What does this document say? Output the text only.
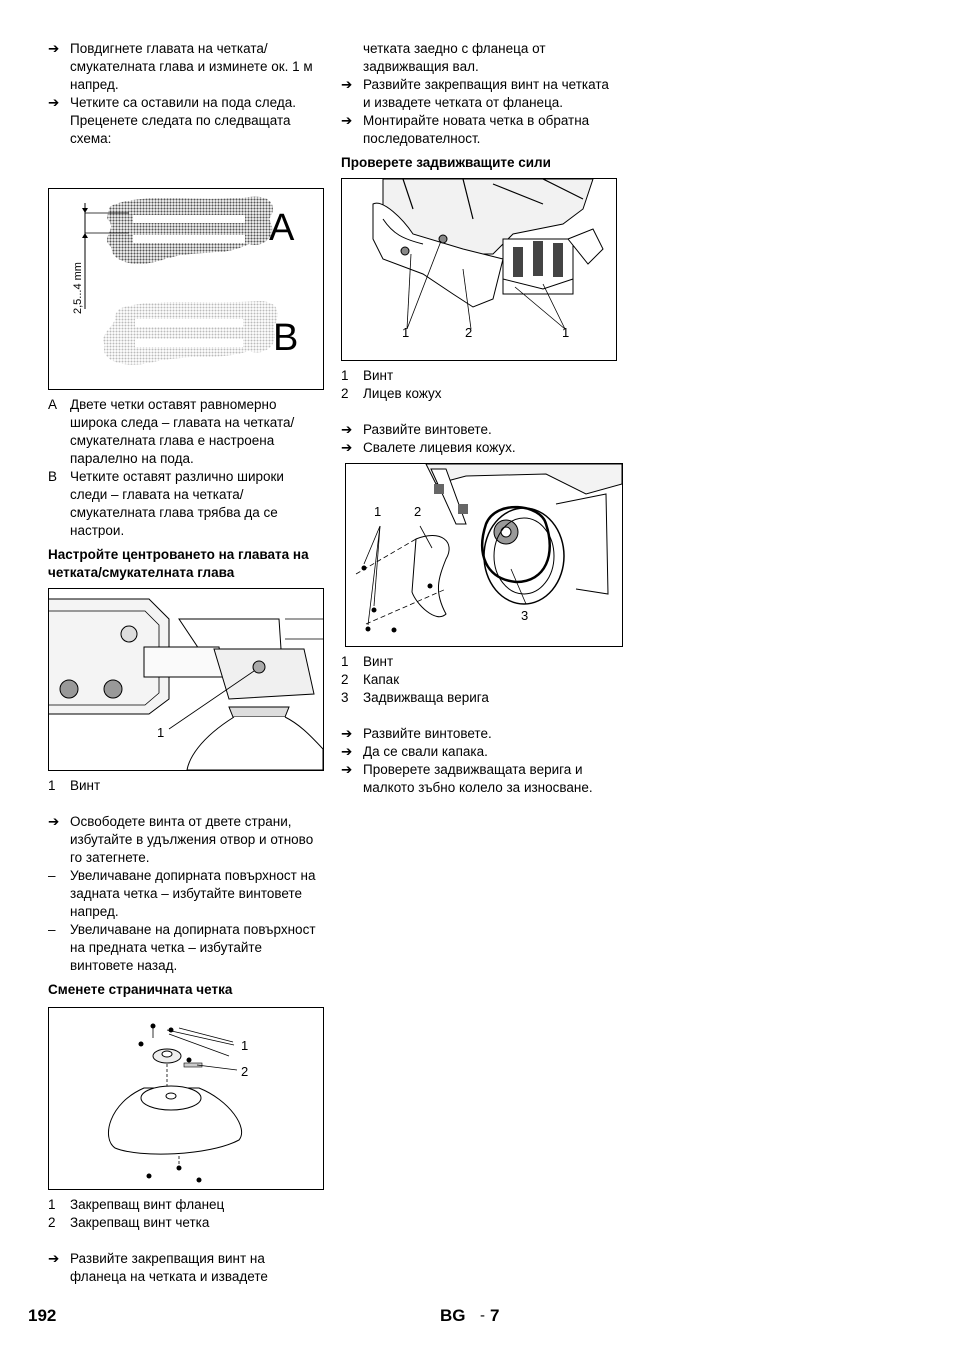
➔ Повдигнете главата на четката/ смукателната глава и изминете ок. 1 м напред.

➔ Четките са оставили на пода следа. Преценете следата по следващата схема:

A
B
2,5...4 mm

A Двете четки оставят равномерно широка следа – главата на четката/ смукателната глава е настроена паралелно на пода.

B Четките оставят различно широки следи – главата на четката/ смукателната глава трябва да се настрои.

Настройте центроването на главата на четката/смукателната глава

1

1	Винт

➔ Освободете винта от двете страни, избутайте в удължения отвор и отново го затегнете.

–	Увеличаване допирната повърхност на задната четка – избутайте винтовете напред.

–	Увеличаване на допирната повърхност на предната четка – избутайте винтовете назад.

Сменете страничната четка

1
2

1	Закрепващ винт фланец

2	Закрепващ винт четка

➔ Развийте закрепващия винт на фланеца на четката и извадете

четката заедно с фланеца от задвижващия вал.

➔ Развийте закрепващия винт на четката и извадете четката от фланеца.

➔ Монтирайте новата четка в обратна последователност.

Проверете задвижващите сили

1	2	1

1	Винт

2	Лицев кожух

➔ Развийте винтовете.

➔ Свалете лицевия кожух.

1	2
3

1	Винт

2	Капак

3	Задвижваща верига

➔ Развийте винтовете.

➔ Да се свали капака.

➔ Проверете задвижващата верига и малкото зъбно колело за износване.

192	BG - 7
